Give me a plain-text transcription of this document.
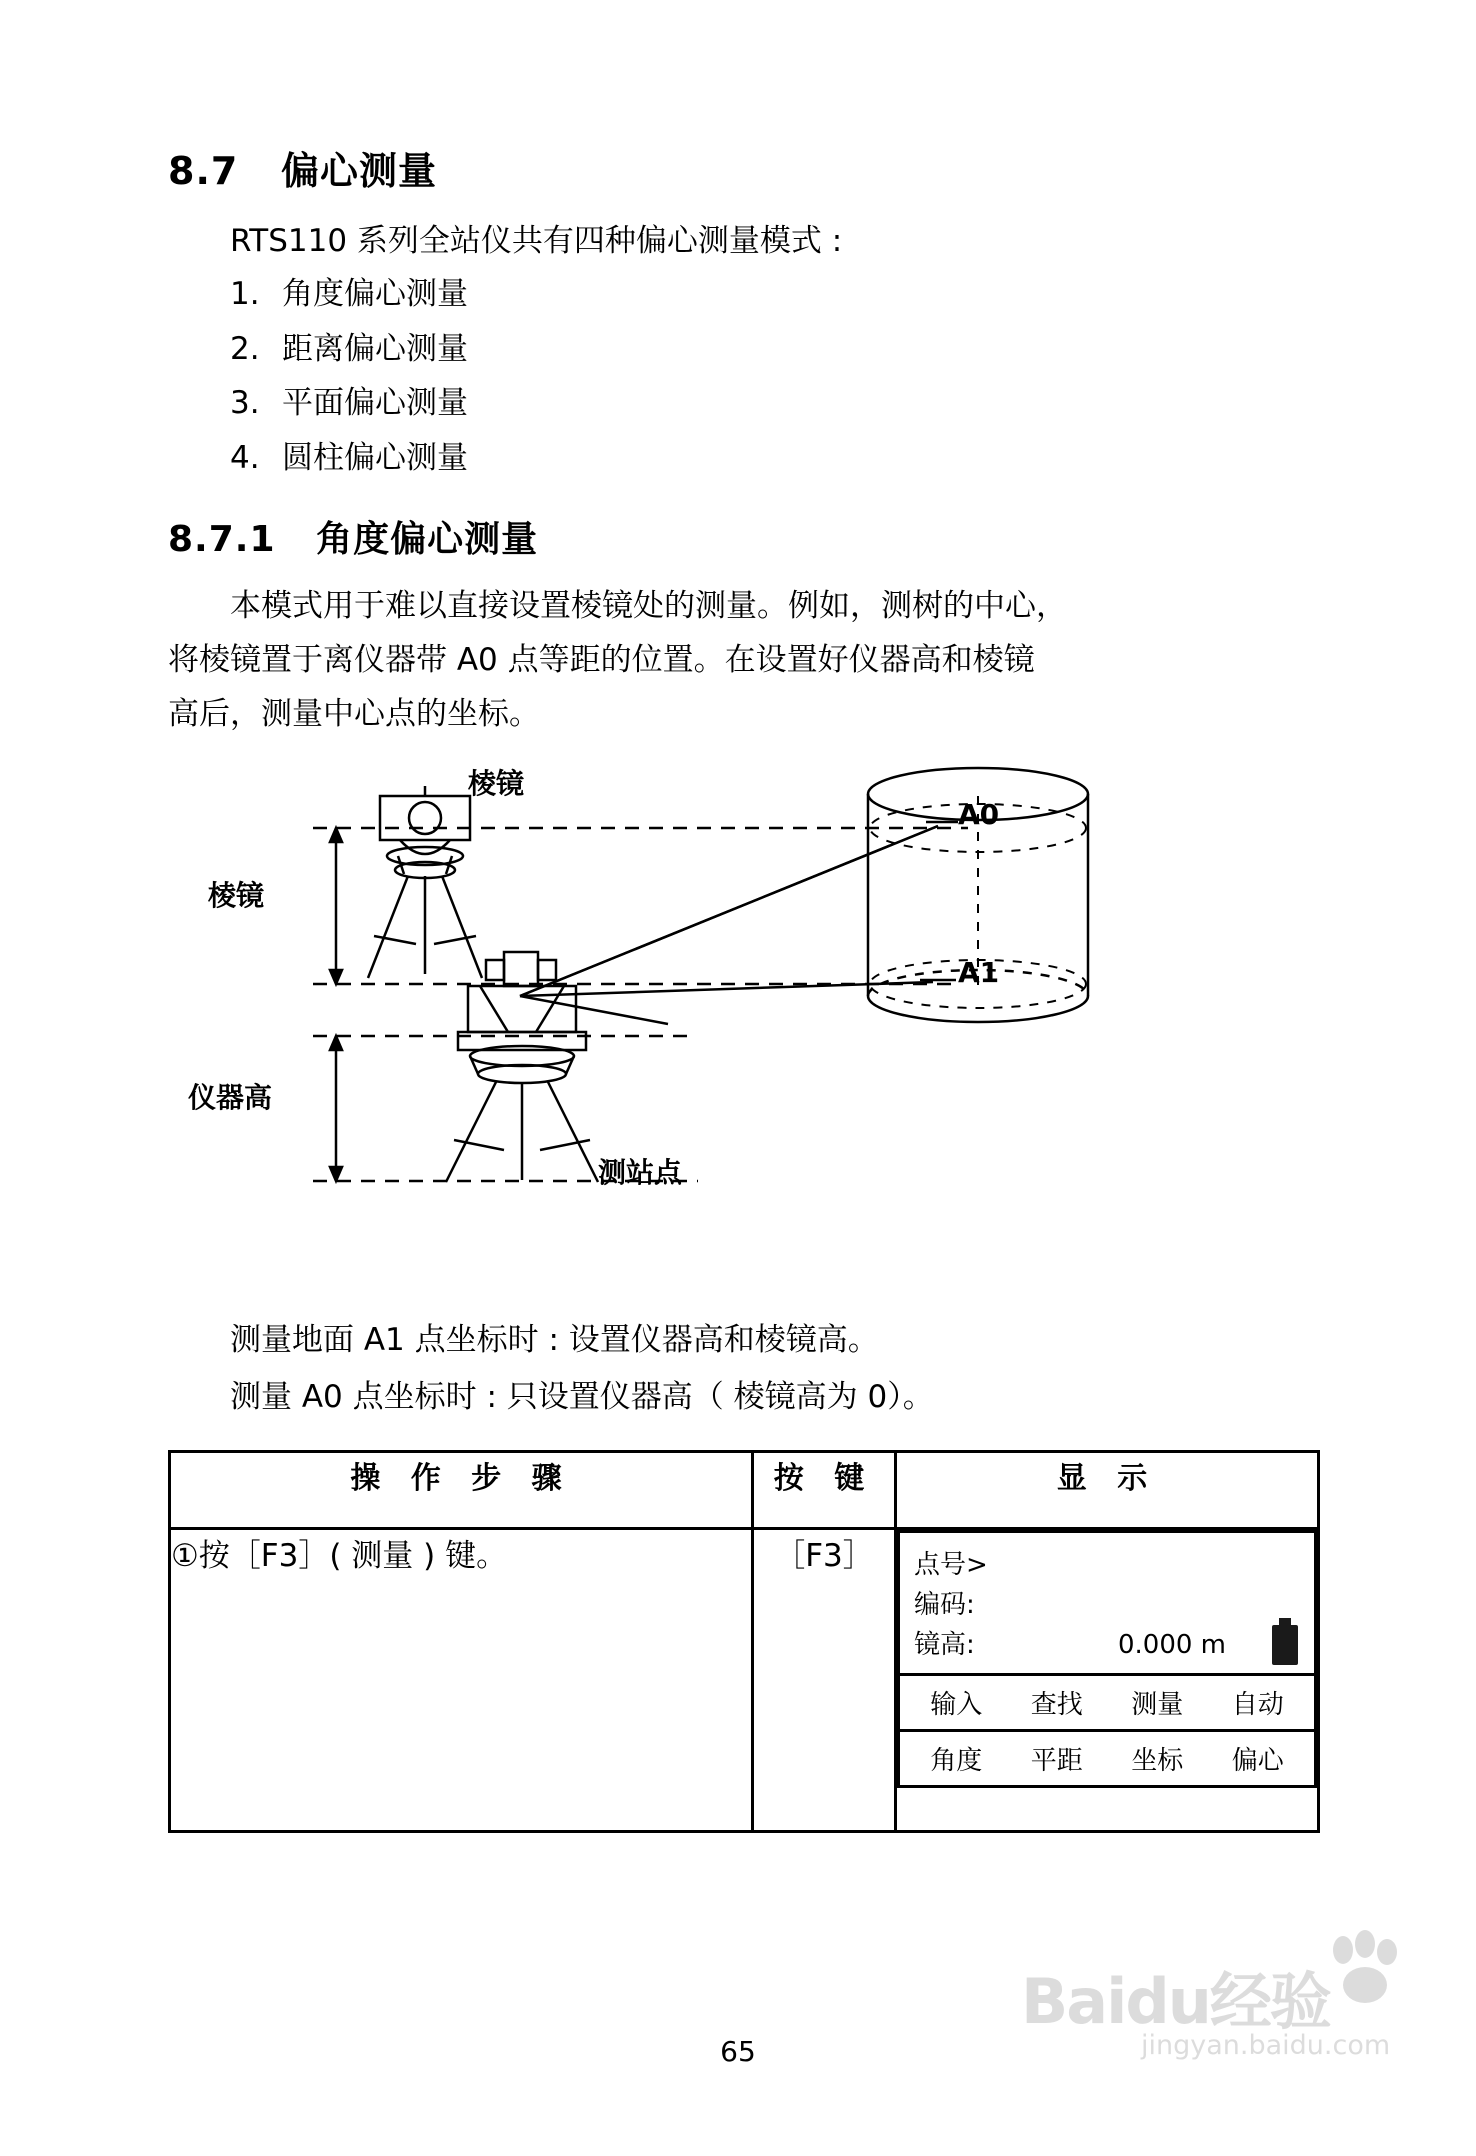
8.7 偏心测量

RTS110 系列全站仪共有四种偏心测量模式 :

1. 角度偏心测量
2. 距离偏心测量
3. 平面偏心测量
4. 圆柱偏心测量
8.7.1 角度偏心测量

本模式用于难以直接设置棱镜处的测量。例如，测树的中心，

将棱镜置于离仪器带 A0 点等距的位置。在设置好仪器高和棱镜

高后，测量中心点的坐标。

棱镜
棱镜
仪器高
测站点
A0
A1

测量地面 A1 点坐标时 : 设置仪器高和棱镜高。

测量 A0 点坐标时 : 只设置仪器高（ 棱镜高为 0）。

操 作 步 骤	按 键	显 示
①按［F3］( 测量 ) 键。	［F3］	点号>
编码:
镜高:	0.000 m
输入	查找	测量	自动
角度	平距	坐标	偏心
Baidu经验
jingyan.baidu.com
65
